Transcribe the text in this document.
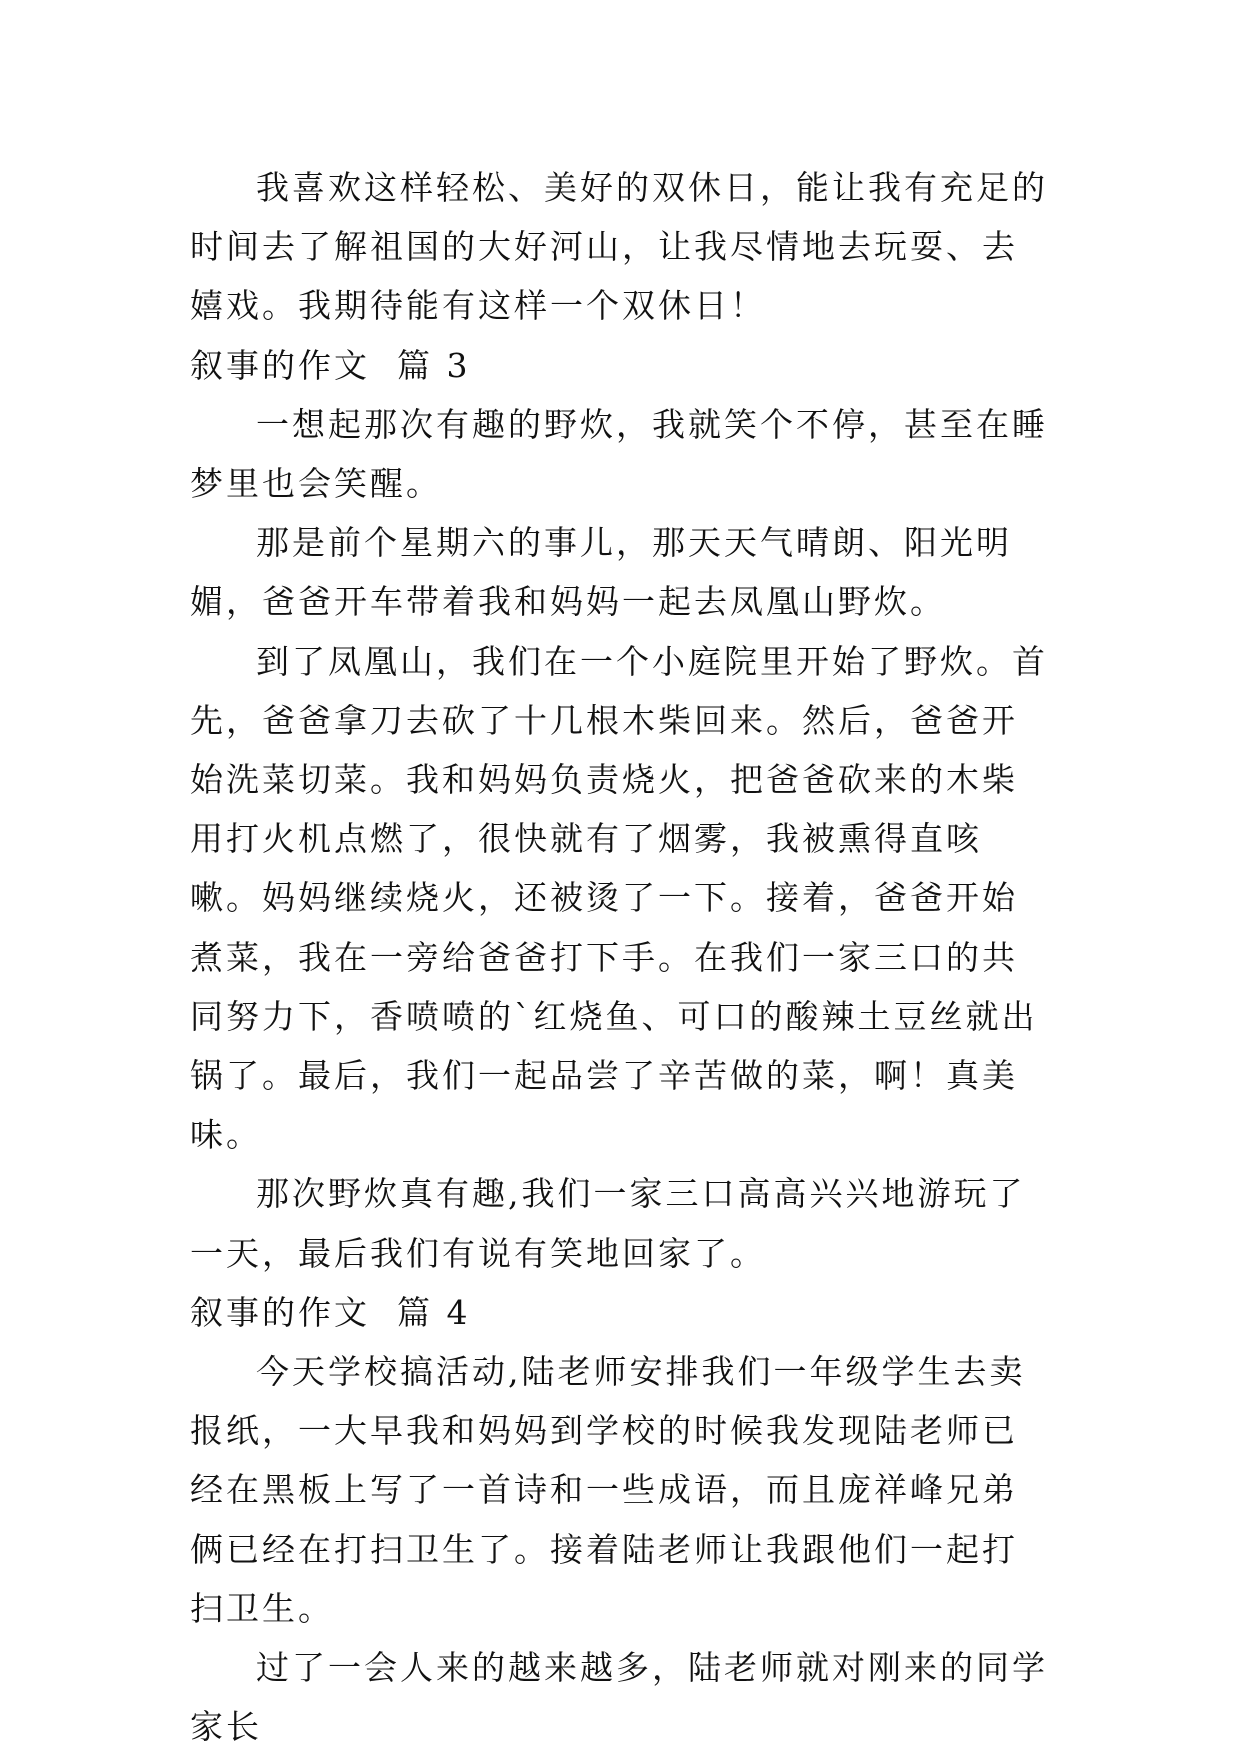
我喜欢这样轻松、美好的双休日，能让我有充足的时间去了解祖国的大好河山，让我尽情地去玩耍、去嬉戏。我期待能有这样一个双休日！

叙事的作文  篇 3

一想起那次有趣的野炊，我就笑个不停，甚至在睡梦里也会笑醒。

那是前个星期六的事儿，那天天气晴朗、阳光明媚，爸爸开车带着我和妈妈一起去凤凰山野炊。

到了凤凰山，我们在一个小庭院里开始了野炊。首先，爸爸拿刀去砍了十几根木柴回来。然后，爸爸开始洗菜切菜。我和妈妈负责烧火，把爸爸砍来的木柴用打火机点燃了，很快就有了烟雾，我被熏得直咳嗽。妈妈继续烧火，还被烫了一下。接着，爸爸开始煮菜，我在一旁给爸爸打下手。在我们一家三口的共同努力下，香喷喷的`红烧鱼、可口的酸辣土豆丝就出锅了。最后，我们一起品尝了辛苦做的菜，啊！真美味。

那次野炊真有趣,我们一家三口高高兴兴地游玩了一天，最后我们有说有笑地回家了。

叙事的作文  篇 4

今天学校搞活动,陆老师安排我们一年级学生去卖报纸，一大早我和妈妈到学校的时候我发现陆老师已经在黑板上写了一首诗和一些成语，而且庞祥峰兄弟俩已经在打扫卫生了。接着陆老师让我跟他们一起打扫卫生。

过了一会人来的越来越多，陆老师就对刚来的同学家长
